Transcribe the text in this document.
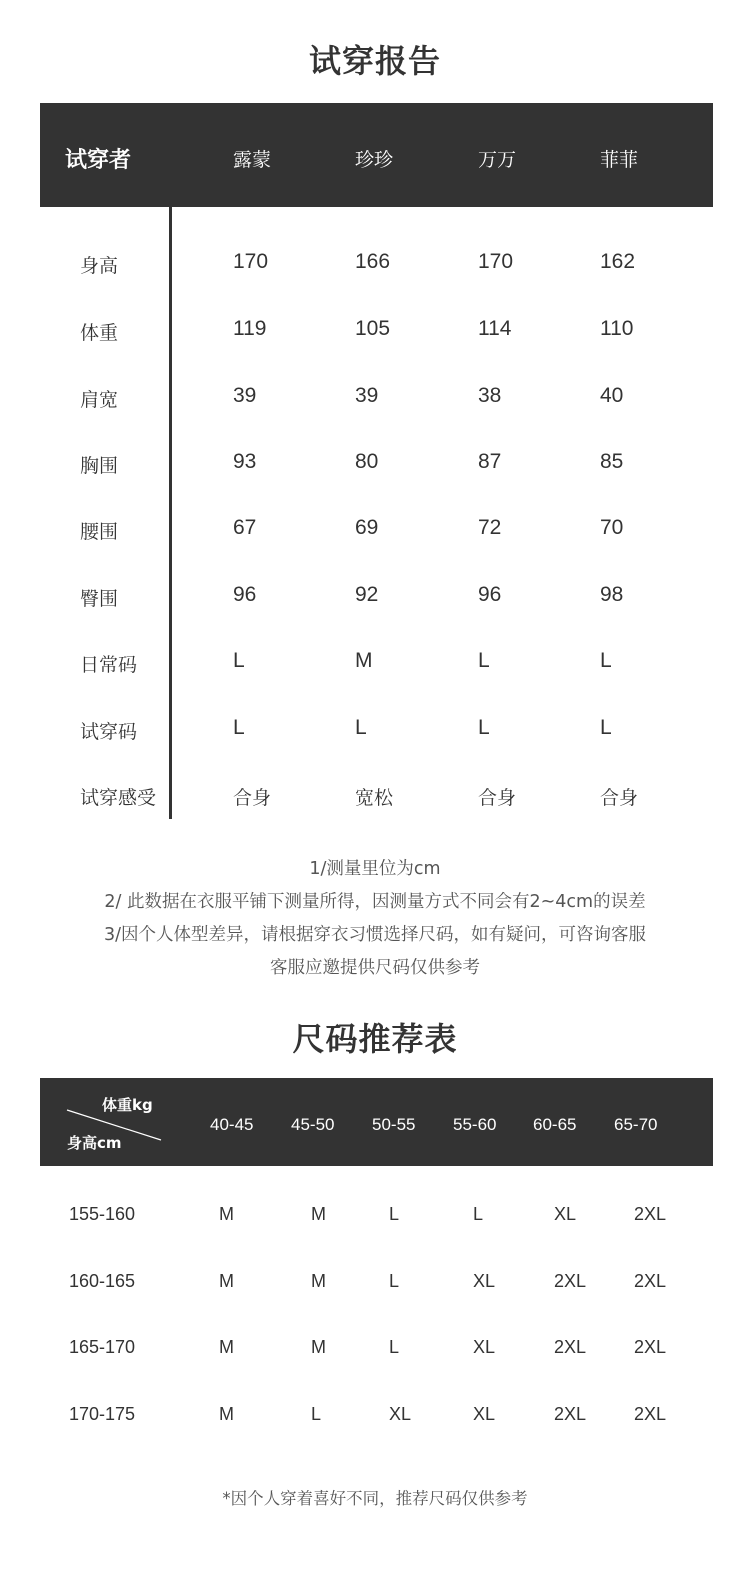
试穿报告
试穿者	露蒙	珍珍	万万	菲菲
身高	170	166	170	162
体重	119	105	114	110
肩宽	39	39	38	40
胸围	93	80	87	85
腰围	67	69	72	70
臀围	96	92	96	98
日常码	L	M	L	L
试穿码	L	L	L	L
试穿感受	合身	宽松	合身	合身
1/测量里位为cm
2/ 此数据在衣服平铺下测量所得，因测量方式不同会有2~4cm的误差
3/因个人体型差异，请根据穿衣习惯选择尺码，如有疑问，可咨询客服
客服应邀提供尺码仅供参考
尺码推荐表
体重kg
身高cm
40-45 45-50 50-55 55-60 60-65 65-70
155-160	M	M	L	L	XL	2XL
160-165	M	M	L	XL	2XL	2XL
165-170	M	M	L	XL	2XL	2XL
170-175	M	L	XL	XL	2XL	2XL
*因个人穿着喜好不同，推荐尺码仅供参考
